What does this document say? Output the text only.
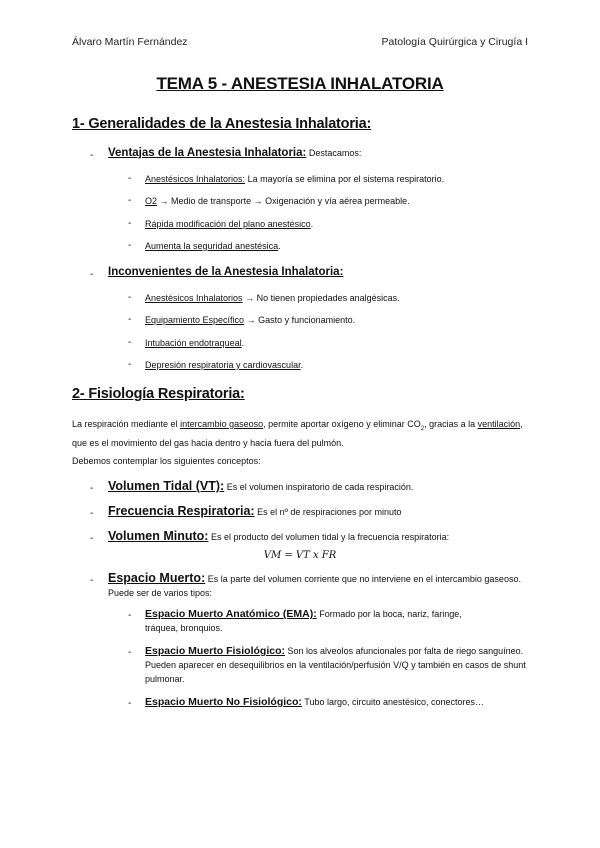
Álvaro Martín Fernández	Patología Quirúrgica y Cirugía I
TEMA 5 - ANESTESIA INHALATORIA
1- Generalidades de la Anestesia Inhalatoria:
- Ventajas de la Anestesia Inhalatoria: Destacamos:
- Anestésicos Inhalatorios: La mayoría se elimina por el sistema respiratorio.
- O2 → Medio de transporte → Oxigenación y vía aérea permeable.
- Rápida modificación del plano anestésico.
- Aumenta la seguridad anestésica.
- Inconvenientes de la Anestesia Inhalatoria:
- Anestésicos Inhalatorios → No tienen propiedades analgésicas.
- Equipamiento Específico → Gasto y funcionamiento.
- Intubación endotraqueal.
- Depresión respiratoria y cardiovascular.
2- Fisiología Respiratoria:
La respiración mediante el intercambio gaseoso, permite aportar oxígeno y eliminar $CO_2$, gracias a la ventilación, que es el movimiento del gas hacia dentro y hacia fuera del pulmón.
Debemos contemplar los siguientes conceptos:
- Volumen Tidal (VT): Es el volumen inspiratorio de cada respiración.
- Frecuencia Respiratoria: Es el nº de respiraciones por minuto
- Volumen Minuto: Es el producto del volumen tidal y la frecuencia respiratoria:
VM = VT x FR
- Espacio Muerto: Es la parte del volumen corriente que no interviene en el intercambio gaseoso. Puede ser de varios tipos:
- Espacio Muerto Anatómico (EMA): Formado por la boca, nariz, faringe, tráquea, bronquios.
- Espacio Muerto Fisiológico: Son los alveolos afuncionales por falta de riego sanguíneo. Pueden aparecer en desequilibrios en la ventilación/perfusión V/Q y también en casos de shunt pulmonar.
- Espacio Muerto No Fisiológico: Tubo largo, circuito anestésico, conectores…
